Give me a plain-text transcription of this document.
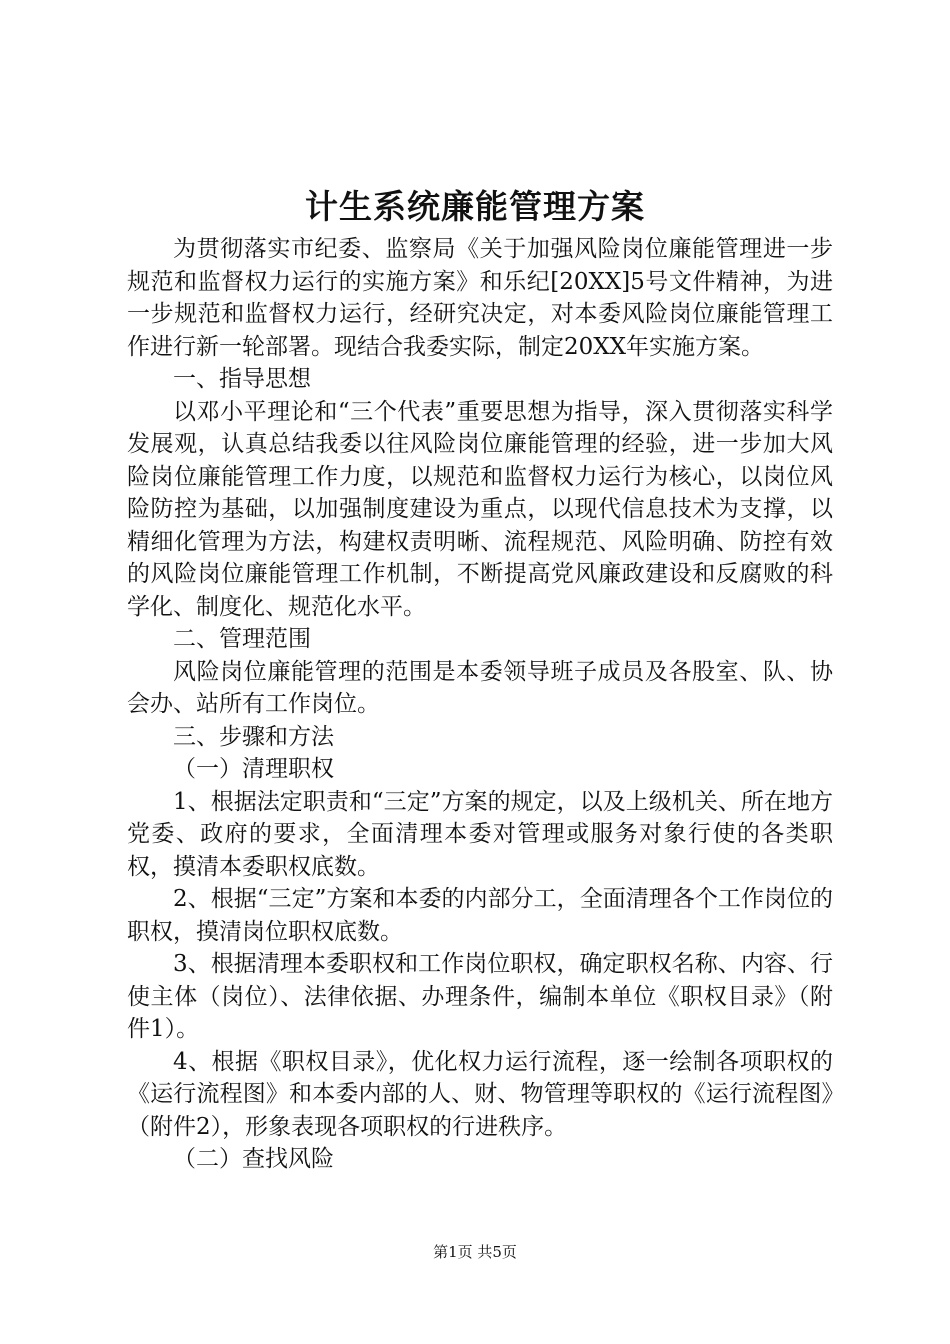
计生系统廉能管理方案

为贯彻落实市纪委、监察局《关于加强风险岗位廉能管理进一步规范和监督权力运行的实施方案》和乐纪[20XX]5号文件精神，为进一步规范和监督权力运行，经研究决定，对本委风险岗位廉能管理工作进行新一轮部署。现结合我委实际，制定20XX年实施方案。

一、指导思想

以邓小平理论和“三个代表”重要思想为指导，深入贯彻落实科学发展观，认真总结我委以往风险岗位廉能管理的经验，进一步加大风险岗位廉能管理工作力度，以规范和监督权力运行为核心，以岗位风险防控为基础，以加强制度建设为重点，以现代信息技术为支撑，以精细化管理为方法，构建权责明晰、流程规范、风险明确、防控有效的风险岗位廉能管理工作机制，不断提高党风廉政建设和反腐败的科学化、制度化、规范化水平。

二、管理范围

风险岗位廉能管理的范围是本委领导班子成员及各股室、队、协会办、站所有工作岗位。

三、步骤和方法

（一）清理职权

1、根据法定职责和“三定”方案的规定，以及上级机关、所在地方党委、政府的要求，全面清理本委对管理或服务对象行使的各类职权，摸清本委职权底数。

2、根据“三定”方案和本委的内部分工，全面清理各个工作岗位的职权，摸清岗位职权底数。

3、根据清理本委职权和工作岗位职权，确定职权名称、内容、行使主体（岗位）、法律依据、办理条件，编制本单位《职权目录》（附件1）。

4、根据《职权目录》，优化权力运行流程，逐一绘制各项职权的《运行流程图》和本委内部的人、财、物管理等职权的《运行流程图》（附件2），形象表现各项职权的行进秩序。

（二）查找风险

第1页 共5页
